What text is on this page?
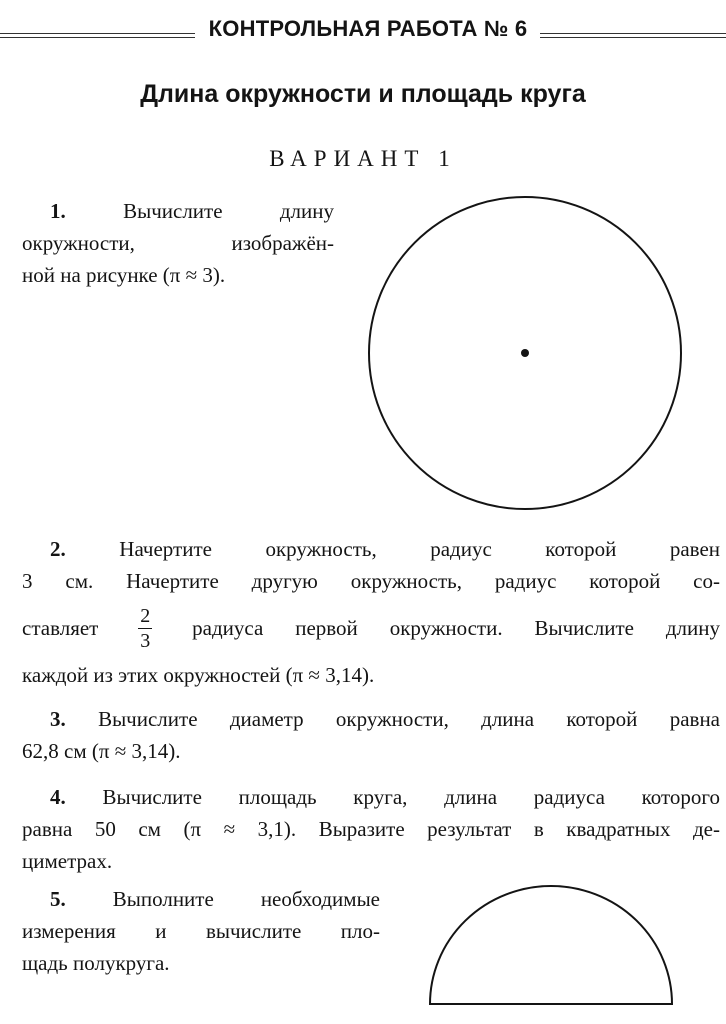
КОНТРОЛЬНАЯ РАБОТА № 6
Длина окружности и площадь круга
ВАРИАНТ 1
1.	Вычислите длину
окружности, изображён-
ной на рисунке (π ≈ 3).
2.	Начертите окружность, радиус которой равен
3 см. Начертите другую окружность, радиус которой со-
ставляет $\frac{2}{3}$ радиуса первой окружности. Вычислите длину
каждой из этих окружностей (π ≈ 3,14).
3. Вычислите диаметр окружности, длина которой равна
62,8 см (π ≈ 3,14).
4. Вычислите площадь круга, длина радиуса которого
равна 50 см (π ≈ 3,1). Выразите результат в квадратных де-
циметрах.
5. Выполните необходимые
измерения и вычислите пло-
щадь полукруга.
